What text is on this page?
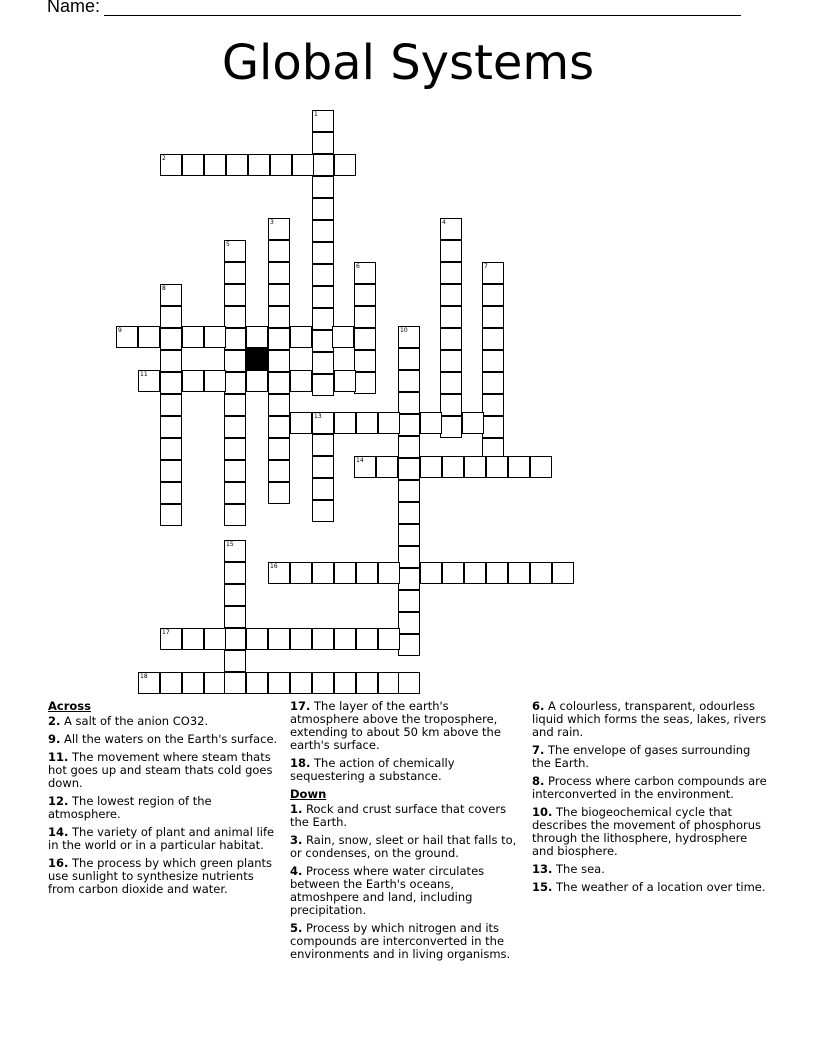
Name:
Global Systems
1
2
3	4
5
6	7
8
9	10
11
13
14
15
16
17
18
Across
2. A salt of the anion CO32.
9. All the waters on the Earth's surface.
11. The movement where steam thats hot goes up and steam thats cold goes down.
12. The lowest region of the atmosphere.
14. The variety of plant and animal life in the world or in a particular habitat.
16. The process by which green plants use sunlight to synthesize nutrients from carbon dioxide and water.
17. The layer of the earth's atmosphere above the troposphere, extending to about 50 km above the earth's surface.
18. The action of chemically sequestering a substance.
Down
1. Rock and crust surface that covers the Earth.
3. Rain, snow, sleet or hail that falls to, or condenses, on the ground.
4. Process where water circulates between the Earth's oceans, atmoshpere and land, including precipitation.
5. Process by which nitrogen and its compounds are interconverted in the environments and in living organisms.
6. A colourless, transparent, odourless liquid which forms the seas, lakes, rivers and rain.
7. The envelope of gases surrounding the Earth.
8. Process where carbon compounds are interconverted in the environment.
10. The biogeochemical cycle that describes the movement of phosphorus through the lithosphere, hydrosphere and biosphere.
13. The sea.
15. The weather of a location over time.
